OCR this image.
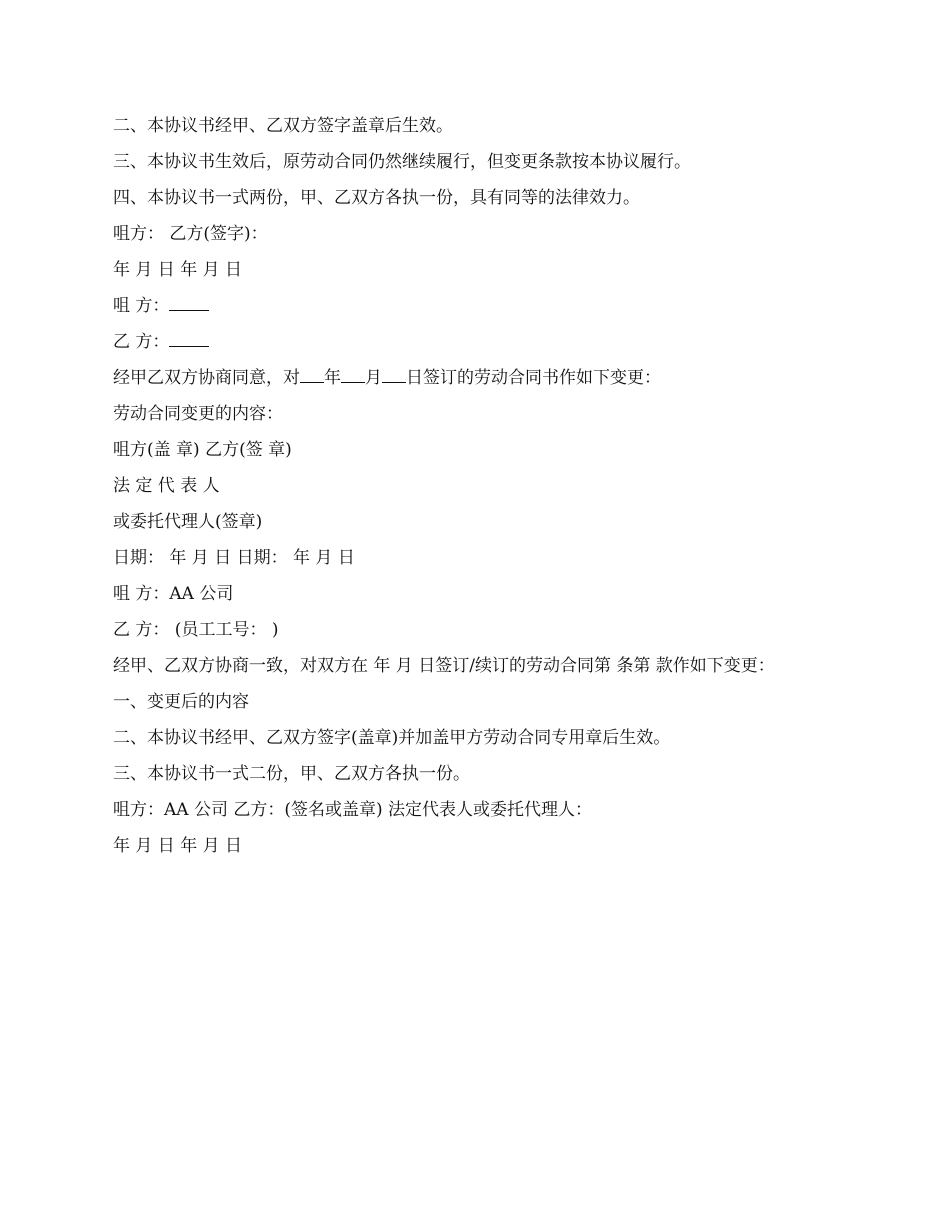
二、本协议书经甲、乙双方签字盖章后生效。

三、本协议书生效后，原劳动合同仍然继续履行，但变更条款按本协议履行。

四、本协议书一式两份，甲、乙双方各执一份，具有同等的法律效力。

咀方： 乙方(签字)：

年 月 日 年 月 日

咀 方：

乙 方：

经甲乙双方协商同意，对 年 月 日签订的劳动合同书作如下变更：

劳动合同变更的内容：

咀方(盖 章) 乙方(签 章)

法 定 代 表 人

或委托代理人(签章)

日期： 年 月 日 日期： 年 月 日

咀 方：AA 公司

乙 方： (员工工号： )

经甲、乙双方协商一致，对双方在 年 月 日签订/续订的劳动合同第 条第 款作如下变更：

一、变更后的内容

二、本协议书经甲、乙双方签字(盖章)并加盖甲方劳动合同专用章后生效。

三、本协议书一式二份，甲、乙双方各执一份。

咀方：AA 公司 乙方：(签名或盖章) 法定代表人或委托代理人：

年 月 日 年 月 日
